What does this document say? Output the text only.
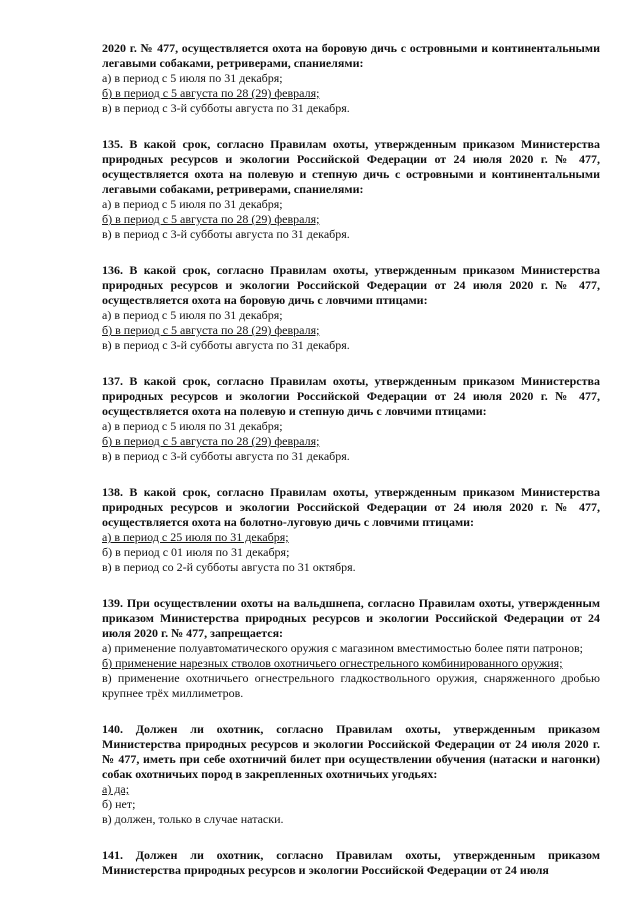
2020 г. № 477, осуществляется охота на боровую дичь с островными и континентальными легавыми собаками, ретриверами, спаниелями:

а) в период с 5 июля по 31 декабря;

б) в период с 5 августа по 28 (29) февраля;

в) в период с 3-й субботы августа по 31 декабря.

135. В какой срок, согласно Правилам охоты, утвержденным приказом Министерства природных ресурсов и экологии Российской Федерации от 24 июля 2020 г. № 477, осуществляется охота на полевую и степную дичь с островными и континентальными легавыми собаками, ретриверами, спаниелями:

а) в период с 5 июля по 31 декабря;

б) в период с 5 августа по 28 (29) февраля;

в) в период с 3-й субботы августа по 31 декабря.

136. В какой срок, согласно Правилам охоты, утвержденным приказом Министерства природных ресурсов и экологии Российской Федерации от 24 июля 2020 г. № 477, осуществляется охота на боровую дичь с ловчими птицами:

а) в период с 5 июля по 31 декабря;

б) в период с 5 августа по 28 (29) февраля;

в) в период с 3-й субботы августа по 31 декабря.

137. В какой срок, согласно Правилам охоты, утвержденным приказом Министерства природных ресурсов и экологии Российской Федерации от 24 июля 2020 г. № 477, осуществляется охота на полевую и степную дичь с ловчими птицами:

а) в период с 5 июля по 31 декабря;

б) в период с 5 августа по 28 (29) февраля;

в) в период с 3-й субботы августа по 31 декабря.

138. В какой срок, согласно Правилам охоты, утвержденным приказом Министерства природных ресурсов и экологии Российской Федерации от 24 июля 2020 г. № 477, осуществляется охота на болотно-луговую дичь с ловчими птицами:

а) в период с 25 июля по 31 декабря;

б) в период с 01 июля по 31 декабря;

в) в период со 2-й субботы августа по 31 октября.

139. При осуществлении охоты на вальдшнепа, согласно Правилам охоты, утвержденным приказом Министерства природных ресурсов и экологии Российской Федерации от 24 июля 2020 г. № 477, запрещается:

а) применение полуавтоматического оружия с магазином вместимостью более пяти патронов;

б) применение нарезных стволов охотничьего огнестрельного комбинированного оружия;

в) применение охотничьего огнестрельного гладкоствольного оружия, снаряженного дробью крупнее трёх миллиметров.

140. Должен ли охотник, согласно Правилам охоты, утвержденным приказом Министерства природных ресурсов и экологии Российской Федерации от 24 июля 2020 г. № 477, иметь при себе охотничий билет при осуществлении обучения (натаски и нагонки) собак охотничьих пород в закрепленных охотничьих угодьях:

а) да;

б) нет;

в) должен, только в случае натаски.

141. Должен ли охотник, согласно Правилам охоты, утвержденным приказом Министерства природных ресурсов и экологии Российской Федерации от 24 июля
